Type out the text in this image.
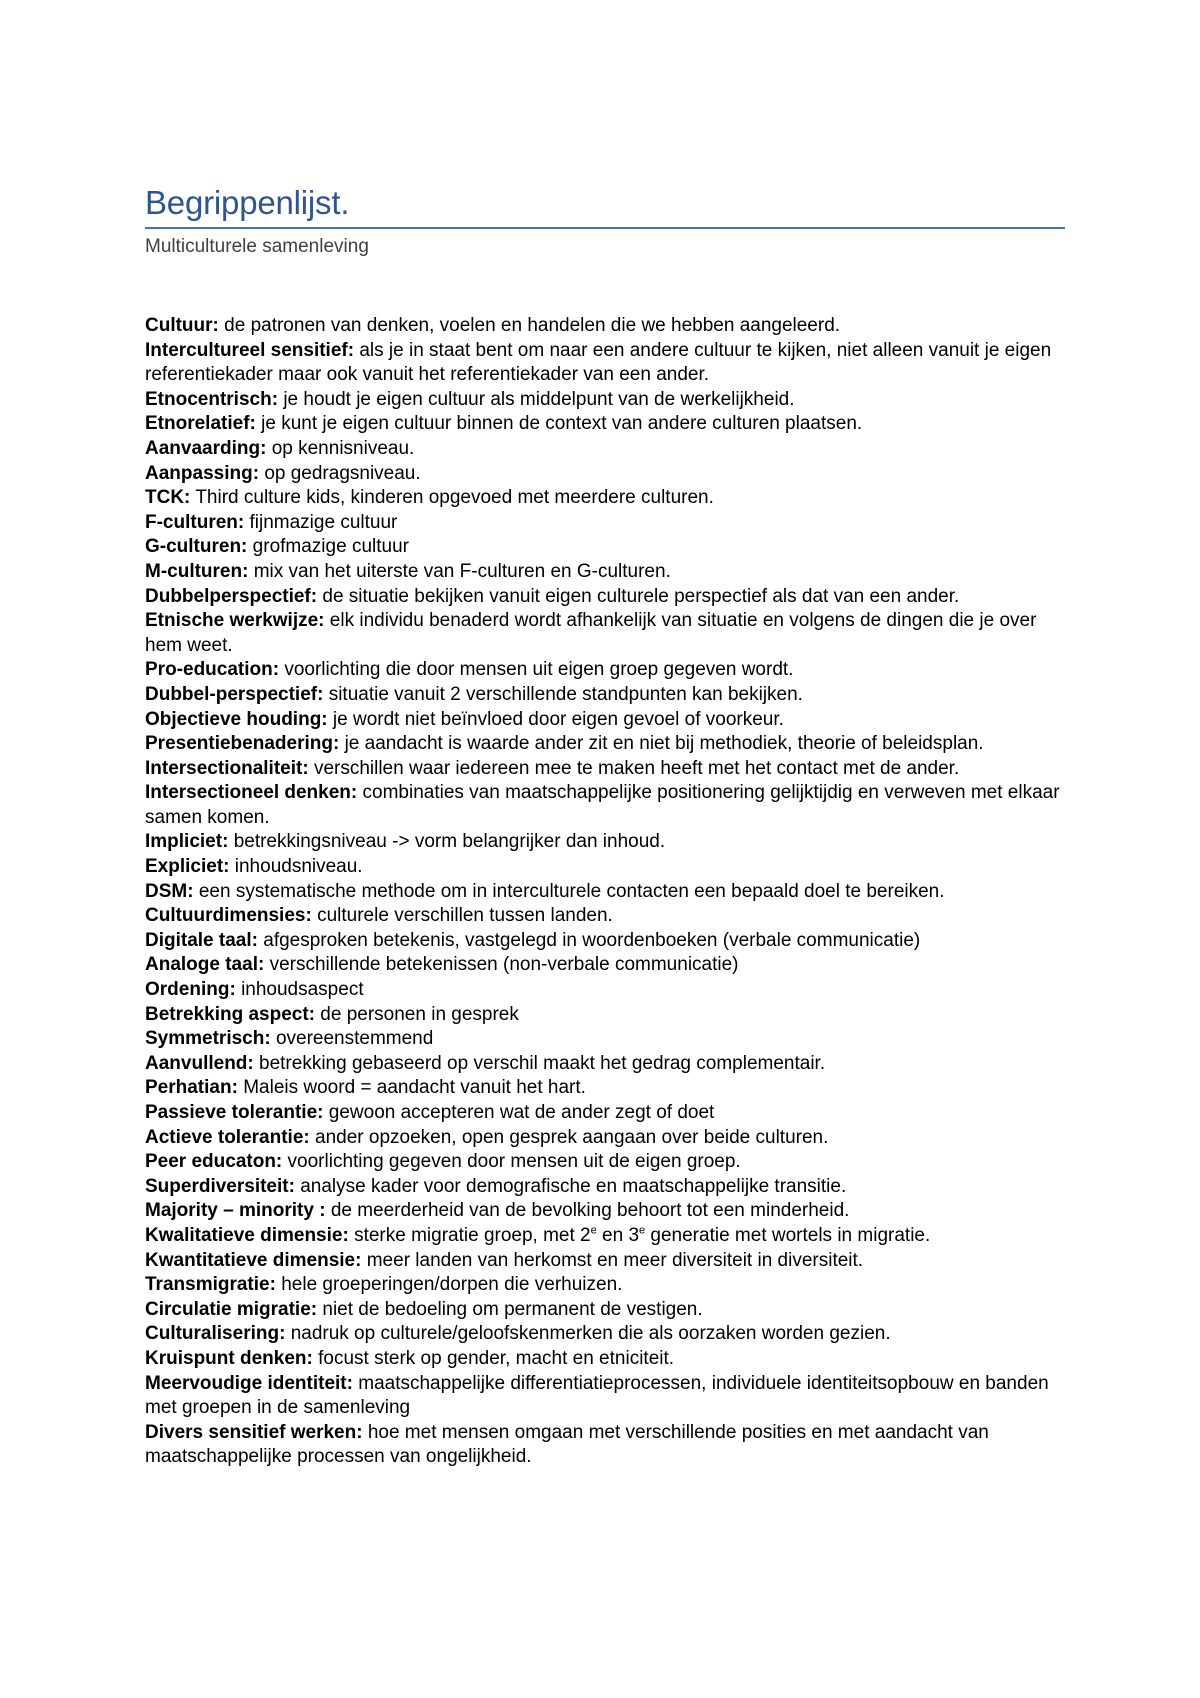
Begrippenlijst.
Multiculturele samenleving

Cultuur: de patronen van denken, voelen en handelen die we hebben aangeleerd.

Intercultureel sensitief: als je in staat bent om naar een andere cultuur te kijken, niet alleen vanuit je eigen referentiekader maar ook vanuit het referentiekader van een ander.

Etnocentrisch: je houdt je eigen cultuur als middelpunt van de werkelijkheid.

Etnorelatief: je kunt je eigen cultuur binnen de context van andere culturen plaatsen.

Aanvaarding: op kennisniveau.

Aanpassing: op gedragsniveau.

TCK: Third culture kids, kinderen opgevoed met meerdere culturen.

F-culturen: fijnmazige cultuur

G-culturen: grofmazige cultuur

M-culturen: mix van het uiterste van F-culturen en G-culturen.

Dubbelperspectief: de situatie bekijken vanuit eigen culturele perspectief als dat van een ander.

Etnische werkwijze: elk individu benaderd wordt afhankelijk van situatie en volgens de dingen die je over hem weet.

Pro-education: voorlichting die door mensen uit eigen groep gegeven wordt.

Dubbel-perspectief: situatie vanuit 2 verschillende standpunten kan bekijken.

Objectieve houding: je wordt niet beïnvloed door eigen gevoel of voorkeur.

Presentiebenadering: je aandacht is waarde ander zit en niet bij methodiek, theorie of beleidsplan.

Intersectionaliteit: verschillen waar iedereen mee te maken heeft met het contact met de ander.

Intersectioneel denken: combinaties van maatschappelijke positionering gelijktijdig en verweven met elkaar samen komen.

Impliciet: betrekkingsniveau -> vorm belangrijker dan inhoud.

Expliciet: inhoudsniveau.

DSM: een systematische methode om in interculturele contacten een bepaald doel te bereiken.

Cultuurdimensies: culturele verschillen tussen landen.

Digitale taal: afgesproken betekenis, vastgelegd in woordenboeken (verbale communicatie)

Analoge taal: verschillende betekenissen (non-verbale communicatie)

Ordening: inhoudsaspect

Betrekking aspect: de personen in gesprek

Symmetrisch: overeenstemmend

Aanvullend: betrekking gebaseerd op verschil maakt het gedrag complementair.

Perhatian: Maleis woord = aandacht vanuit het hart.

Passieve tolerantie: gewoon accepteren wat de ander zegt of doet

Actieve tolerantie: ander opzoeken, open gesprek aangaan over beide culturen.

Peer educaton: voorlichting gegeven door mensen uit de eigen groep.

Superdiversiteit: analyse kader voor demografische en maatschappelijke transitie.

Majority – minority : de meerderheid van de bevolking behoort tot een minderheid.

Kwalitatieve dimensie: sterke migratie groep, met 2e en 3e generatie met wortels in migratie.

Kwantitatieve dimensie: meer landen van herkomst en meer diversiteit in diversiteit.

Transmigratie: hele groeperingen/dorpen die verhuizen.

Circulatie migratie: niet de bedoeling om permanent de vestigen.

Culturalisering: nadruk op culturele/geloofskenmerken die als oorzaken worden gezien.

Kruispunt denken: focust sterk op gender, macht en etniciteit.

Meervoudige identiteit: maatschappelijke differentiatieprocessen, individuele identiteitsopbouw en banden met groepen in de samenleving

Divers sensitief werken: hoe met mensen omgaan met verschillende posities en met aandacht van maatschappelijke processen van ongelijkheid.
